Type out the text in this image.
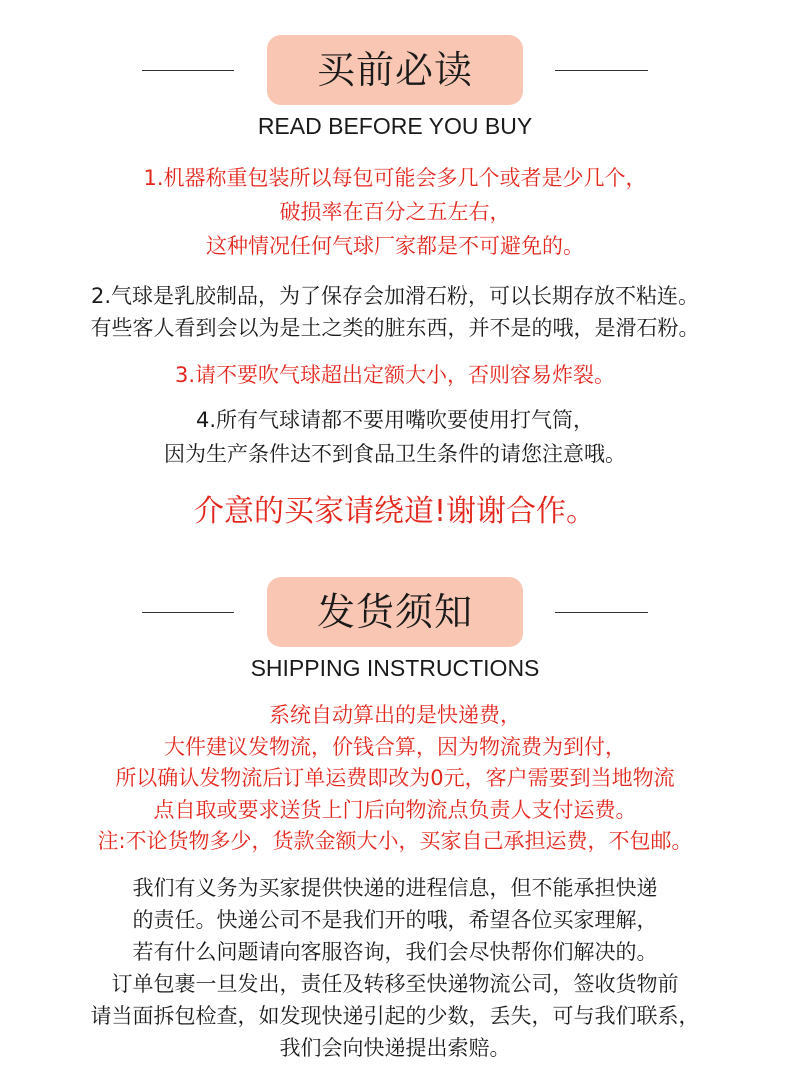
买前必读
READ BEFORE YOU BUY
1.机器称重包装所以每包可能会多几个或者是少几个，
破损率在百分之五左右，
这种情况任何气球厂家都是不可避免的。
2.气球是乳胶制品，为了保存会加滑石粉，可以长期存放不粘连。
有些客人看到会以为是土之类的脏东西，并不是的哦，是滑石粉。
3.请不要吹气球超出定额大小，否则容易炸裂。
4.所有气球请都不要用嘴吹要使用打气筒，
因为生产条件达不到食品卫生条件的请您注意哦。
介意的买家请绕道!谢谢合作。
发货须知
SHIPPING INSTRUCTIONS
系统自动算出的是快递费，
大件建议发物流，价钱合算，因为物流费为到付，
所以确认发物流后订单运费即改为0元，客户需要到当地物流
点自取或要求送货上门后向物流点负责人支付运费。
注:不论货物多少，货款金额大小，买家自己承担运费，不包邮。
我们有义务为买家提供快递的进程信息，但不能承担快递
的责任。快递公司不是我们开的哦，希望各位买家理解，
若有什么问题请向客服咨询，我们会尽快帮你们解决的。
订单包裹一旦发出，责任及转移至快递物流公司，签收货物前
请当面拆包检查，如发现快递引起的少数，丢失，可与我们联系，
我们会向快递提出索赔。
